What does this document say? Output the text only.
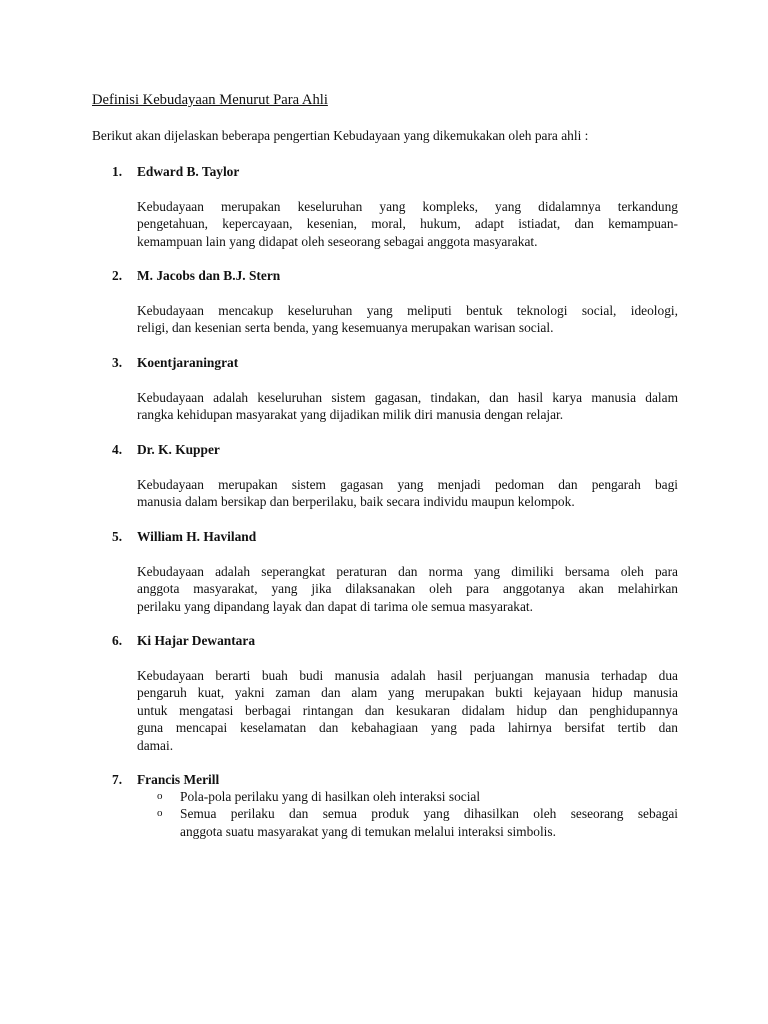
Definisi Kebudayaan Menurut Para Ahli
Berikut akan dijelaskan beberapa pengertian Kebudayaan yang dikemukakan oleh para ahli :
1. Edward B. Taylor
Kebudayaan merupakan keseluruhan yang kompleks, yang didalamnya terkandung
pengetahuan, kepercayaan, kesenian, moral, hukum, adapt istiadat, dan kemampuan-
kemampuan lain yang didapat oleh seseorang sebagai anggota masyarakat.
2. M. Jacobs dan B.J. Stern
Kebudayaan mencakup keseluruhan yang meliputi bentuk teknologi social, ideologi,
religi, dan kesenian serta benda, yang kesemuanya merupakan warisan social.
3. Koentjaraningrat
Kebudayaan adalah keseluruhan sistem gagasan, tindakan, dan hasil karya manusia dalam
rangka kehidupan masyarakat yang dijadikan milik diri manusia dengan relajar.
4. Dr. K. Kupper
Kebudayaan merupakan sistem gagasan yang menjadi pedoman dan pengarah bagi
manusia dalam bersikap dan berperilaku, baik secara individu maupun kelompok.
5. William H. Haviland
Kebudayaan adalah seperangkat peraturan dan norma yang dimiliki bersama oleh para
anggota masyarakat, yang jika dilaksanakan oleh para anggotanya akan melahirkan
perilaku yang dipandang layak dan dapat di tarima ole semua masyarakat.
6. Ki Hajar Dewantara
Kebudayaan berarti buah budi manusia adalah hasil perjuangan manusia terhadap dua
pengaruh kuat, yakni zaman dan alam yang merupakan bukti kejayaan hidup manusia
untuk mengatasi berbagai rintangan dan kesukaran didalam hidup dan penghidupannya
guna mencapai keselamatan dan kebahagiaan yang pada lahirnya bersifat tertib dan
damai.
7. Francis Merill
o Pola-pola perilaku yang di hasilkan oleh interaksi social
o Semua perilaku dan semua produk yang dihasilkan oleh seseorang sebagai
anggota suatu masyarakat yang di temukan melalui interaksi simbolis.
